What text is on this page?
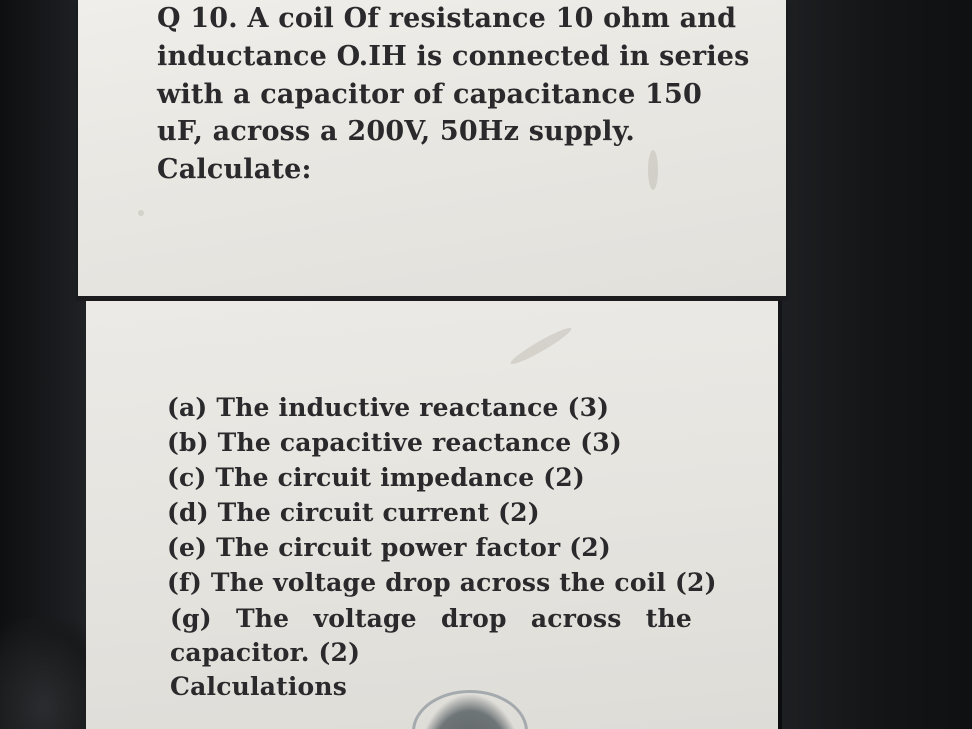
Q 10. A coil Of resistance 10 ohm and
inductance O.IH is connected in series
with a capacitor of capacitance 150
uF, across a 200V, 50Hz supply.
Calculate:
(a) The inductive reactance (3)
(b) The capacitive reactance (3)
(c) The circuit impedance (2)
(d) The circuit current (2)
(e) The circuit power factor (2)
(f) The voltage drop across the coil (2)
(g) The voltage drop across the
capacitor. (2)
Calculations
